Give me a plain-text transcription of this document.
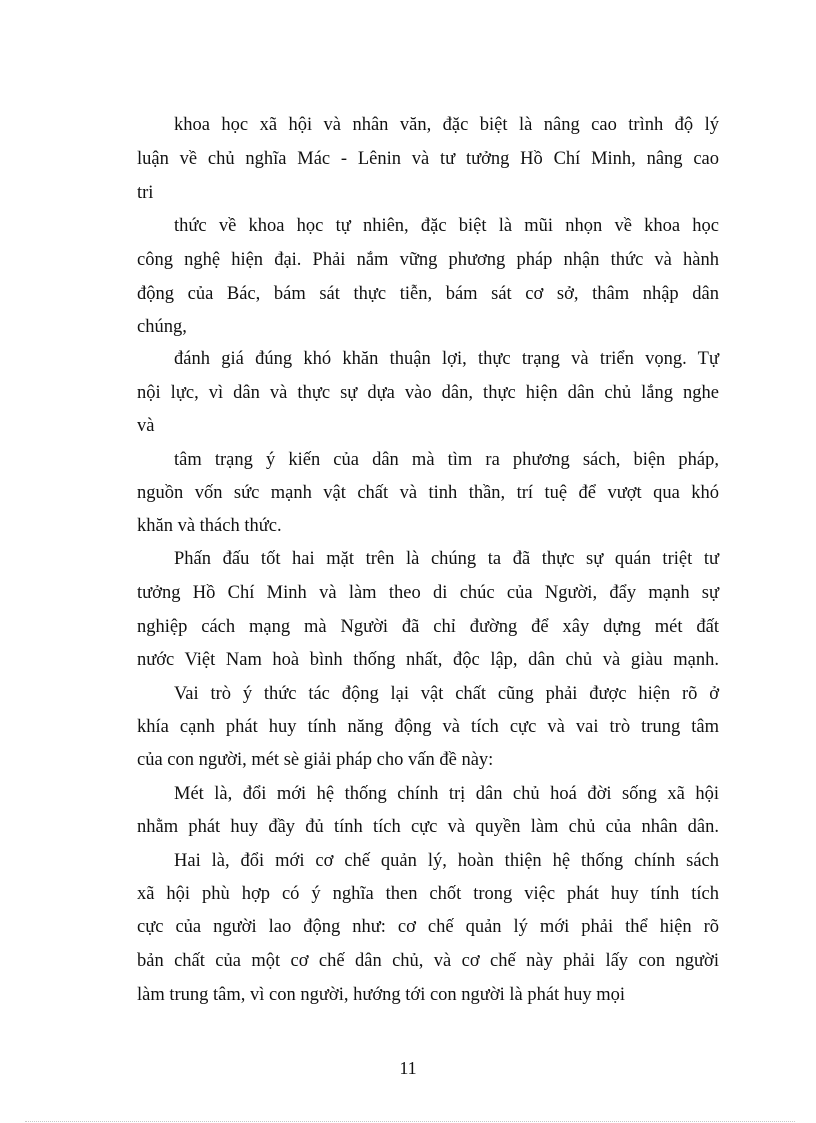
khoa học xã hội và nhân văn, đặc biệt là nâng cao trình độ lý
luận về chủ nghĩa Mác - Lênin và tư tưởng Hồ Chí Minh, nâng cao
tri
thức về khoa học tự nhiên, đặc biệt là mũi nhọn về khoa học
công nghệ hiện đại. Phải nắm vững phương pháp nhận thức và hành
động của Bác, bám sát thực tiễn, bám sát cơ sở, thâm nhập dân
chúng,
đánh giá đúng khó khăn thuận lợi, thực trạng và triển vọng. Tự
nội lực, vì dân và thực sự dựa vào dân, thực hiện dân chủ lắng nghe
và
tâm trạng ý kiến của dân mà tìm ra phương sách, biện pháp,
nguồn vốn sức mạnh vật chất và tinh thần, trí tuệ để vượt qua khó
khăn và thách thức.
Phấn đấu tốt hai mặt trên là chúng ta đã thực sự quán triệt tư
tưởng Hồ Chí Minh và làm theo di chúc của Người, đẩy mạnh sự
nghiệp cách mạng mà Người đã chỉ đường để xây dựng mét đất
nước Việt Nam hoà bình thống nhất, độc lập, dân chủ và giàu mạnh.
Vai trò ý thức tác động lại vật chất cũng phải được hiện rõ ở
khía cạnh phát huy tính năng động và tích cực và vai trò trung tâm
của con người, mét sè giải pháp cho vấn đề này:
Mét là, đổi mới hệ thống chính trị dân chủ hoá đời sống xã hội
nhằm phát huy đầy đủ tính tích cực và quyền làm chủ của nhân dân.
Hai là, đổi mới cơ chế quản lý, hoàn thiện hệ thống chính sách
xã hội phù hợp có ý nghĩa then chốt trong việc phát huy tính tích
cực của người lao động như: cơ chế quản lý mới phải thể hiện rõ
bản chất của một cơ chế dân chủ, và cơ chế này phải lấy con người
làm trung tâm, vì con người, hướng tới con người là phát huy mọi
11
